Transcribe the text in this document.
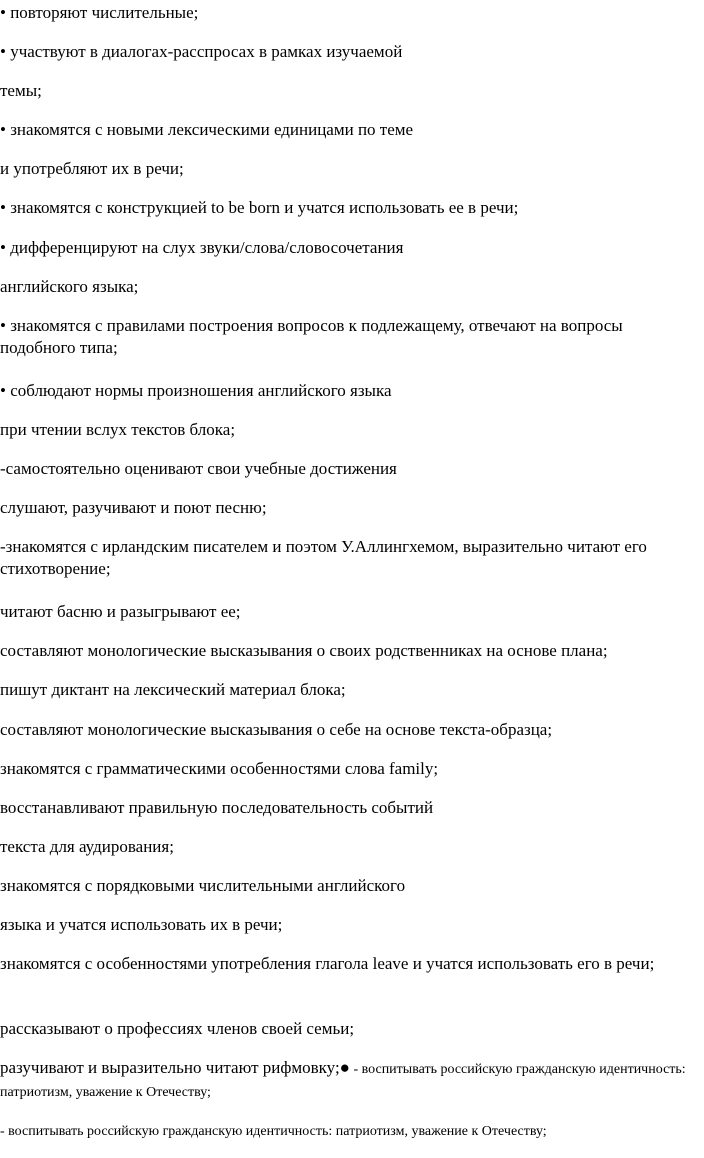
• повторяют числительные;
• участвуют в диалогах-расспросах в рамках изучаемой
темы;
• знакомятся с новыми лексическими единицами по теме
и употребляют их в речи;
• знакомятся с конструкцией to be born и учатся использовать ее в речи;
• дифференцируют на слух звуки/слова/словосочетания
английского языка;
• знакомятся с правилами построения вопросов к подлежащему, отвечают на вопросы подобного типа;
• соблюдают нормы произношения английского языка
при чтении вслух текстов блока;
-самостоятельно оценивают свои учебные достижения
слушают, разучивают и поют песню;
-знакомятся с ирландским писателем и поэтом У.Аллингхемом, выразительно читают его стихотворение;
читают басню и разыгрывают ее;
составляют монологические высказывания о своих родственниках на основе плана;
пишут диктант на лексический материал блока;
составляют монологические высказывания о себе на основе текста-образца;
знакомятся с грамматическими особенностями слова family;
восстанавливают правильную последовательность событий
текста для аудирования;
знакомятся с порядковыми числительными английского
языка и учатся использовать их в речи;
знакомятся с особенностями употребления глагола leave и учатся использовать его в речи;
рассказывают о профессиях членов своей семьи;
разучивают и выразительно читают рифмовку;● - воспитывать российскую гражданскую идентичность: патриотизм, уважение к Отечеству;
- воспитывать российскую гражданскую идентичность: патриотизм, уважение к Отечеству;
